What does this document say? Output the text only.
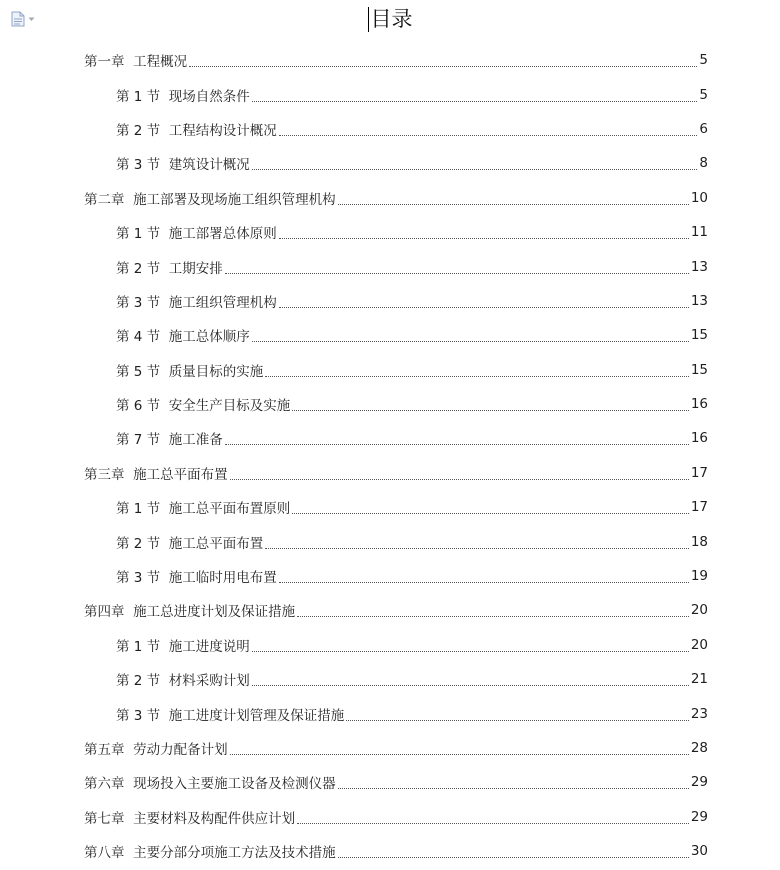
目录
第一章  工程概况	5
第 1 节  现场自然条件	5
第 2 节  工程结构设计概况	6
第 3 节  建筑设计概况	8
第二章  施工部署及现场施工组织管理机构	10
第 1 节  施工部署总体原则	11
第 2 节  工期安排	13
第 3 节  施工组织管理机构	13
第 4 节  施工总体顺序	15
第 5 节  质量目标的实施	15
第 6 节  安全生产目标及实施	16
第 7 节  施工准备	16
第三章  施工总平面布置	17
第 1 节  施工总平面布置原则	17
第 2 节  施工总平面布置	18
第 3 节  施工临时用电布置	19
第四章  施工总进度计划及保证措施	20
第 1 节  施工进度说明	20
第 2 节  材料采购计划	21
第 3 节  施工进度计划管理及保证措施	23
第五章  劳动力配备计划	28
第六章  现场投入主要施工设备及检测仪器	29
第七章  主要材料及构配件供应计划	29
第八章  主要分部分项施工方法及技术措施	30
